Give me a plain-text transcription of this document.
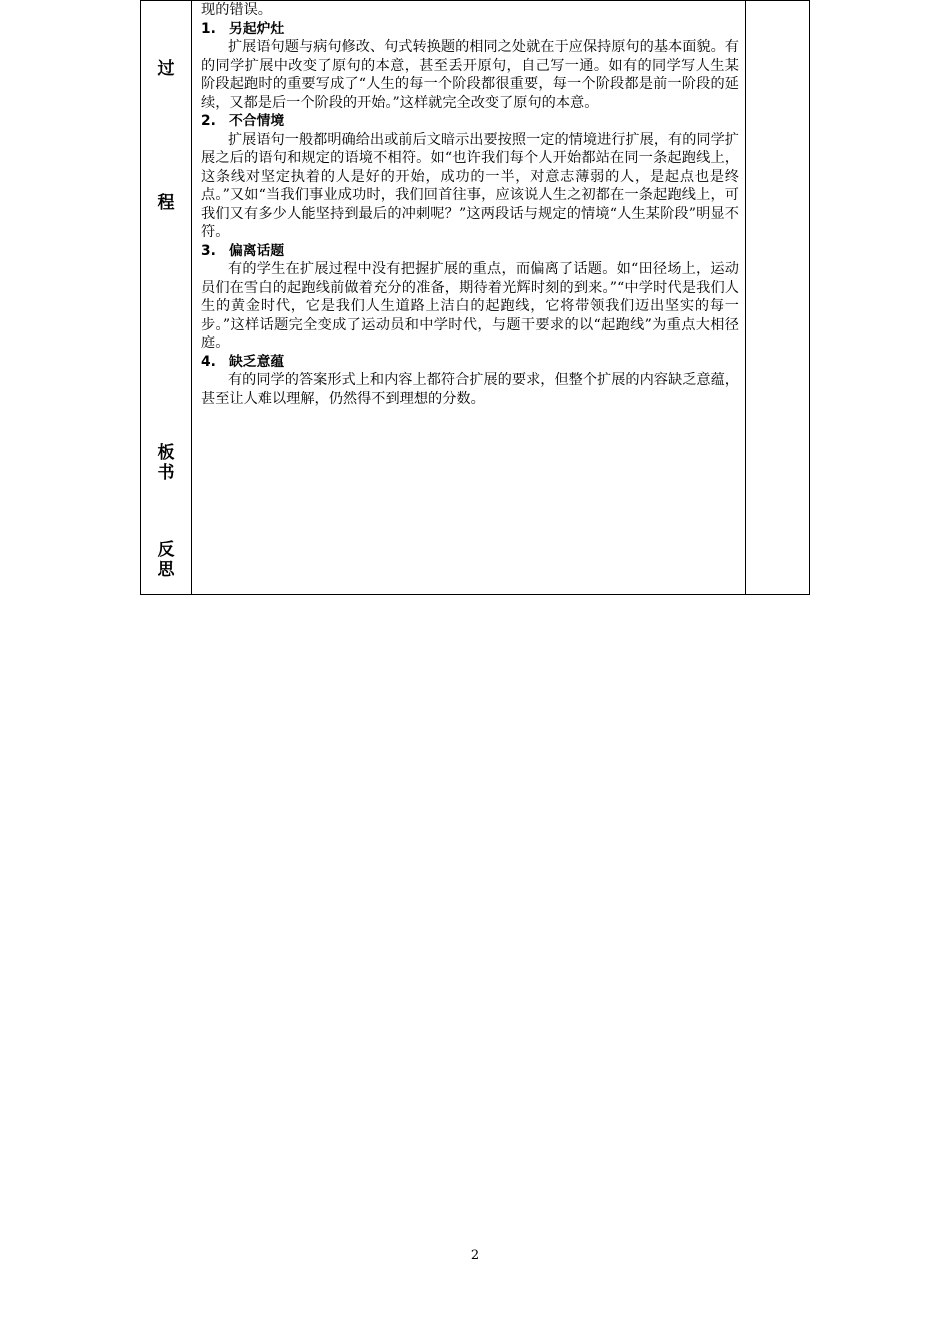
过
程
板
书
反
思

现的错误。

1. 另起炉灶

扩展语句题与病句修改、句式转换题的相同之处就在于应保持原句的基本面貌。有的同学扩展中改变了原句的本意，甚至丢开原句，自己写一通。如有的同学写人生某阶段起跑时的重要写成了“人生的每一个阶段都很重要，每一个阶段都是前一阶段的延续，又都是后一个阶段的开始。”这样就完全改变了原句的本意。

2. 不合情境

扩展语句一般都明确给出或前后文暗示出要按照一定的情境进行扩展，有的同学扩展之后的语句和规定的语境不相符。如“也许我们每个人开始都站在同一条起跑线上，这条线对坚定执着的人是好的开始，成功的一半，对意志薄弱的人，是起点也是终点。”又如“当我们事业成功时，我们回首往事，应该说人生之初都在一条起跑线上，可我们又有多少人能坚持到最后的冲刺呢？”这两段话与规定的情境“人生某阶段”明显不符。

3. 偏离话题

有的学生在扩展过程中没有把握扩展的重点，而偏离了话题。如“田径场上，运动员们在雪白的起跑线前做着充分的准备，期待着光辉时刻的到来。”“中学时代是我们人生的黄金时代，它是我们人生道路上洁白的起跑线，它将带领我们迈出坚实的每一步。”这样话题完全变成了运动员和中学时代，与题干要求的以“起跑线”为重点大相径庭。

4. 缺乏意蕴

有的同学的答案形式上和内容上都符合扩展的要求，但整个扩展的内容缺乏意蕴，甚至让人难以理解，仍然得不到理想的分数。

2
